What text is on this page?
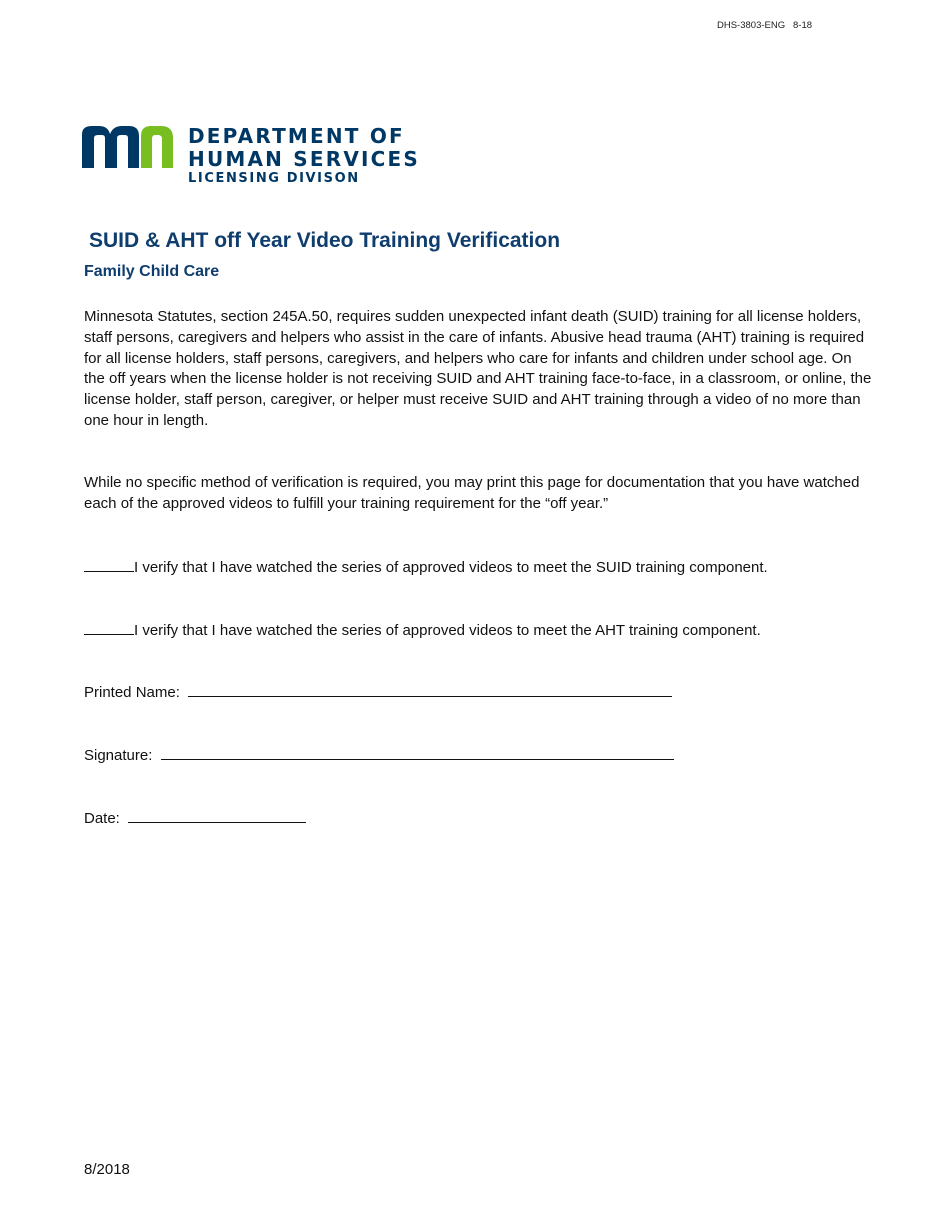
DHS-3803-ENG   8-18
DEPARTMENT OF
HUMAN SERVICES
LICENSING DIVISON
SUID & AHT off Year Video Training Verification
Family Child Care

Minnesota Statutes, section 245A.50, requires sudden unexpected infant death (SUID) training for all license holders, staff persons, caregivers and helpers who assist in the care of infants. Abusive head trauma (AHT) training is required for all license holders, staff persons, caregivers, and helpers who care for infants and children under school age. On the off years when the license holder is not receiving SUID and AHT training face-to-face, in a classroom, or online, the license holder, staff person, caregiver, or helper must receive SUID and AHT training through a video of no more than one hour in length.

While no specific method of verification is required, you may print this page for documentation that you have watched each of the approved videos to fulfill your training requirement for the “off year.”

I verify that I have watched the series of approved videos to meet the SUID training component.

I verify that I have watched the series of approved videos to meet the AHT training component.

Printed Name:

Signature:

Date:

8/2018
